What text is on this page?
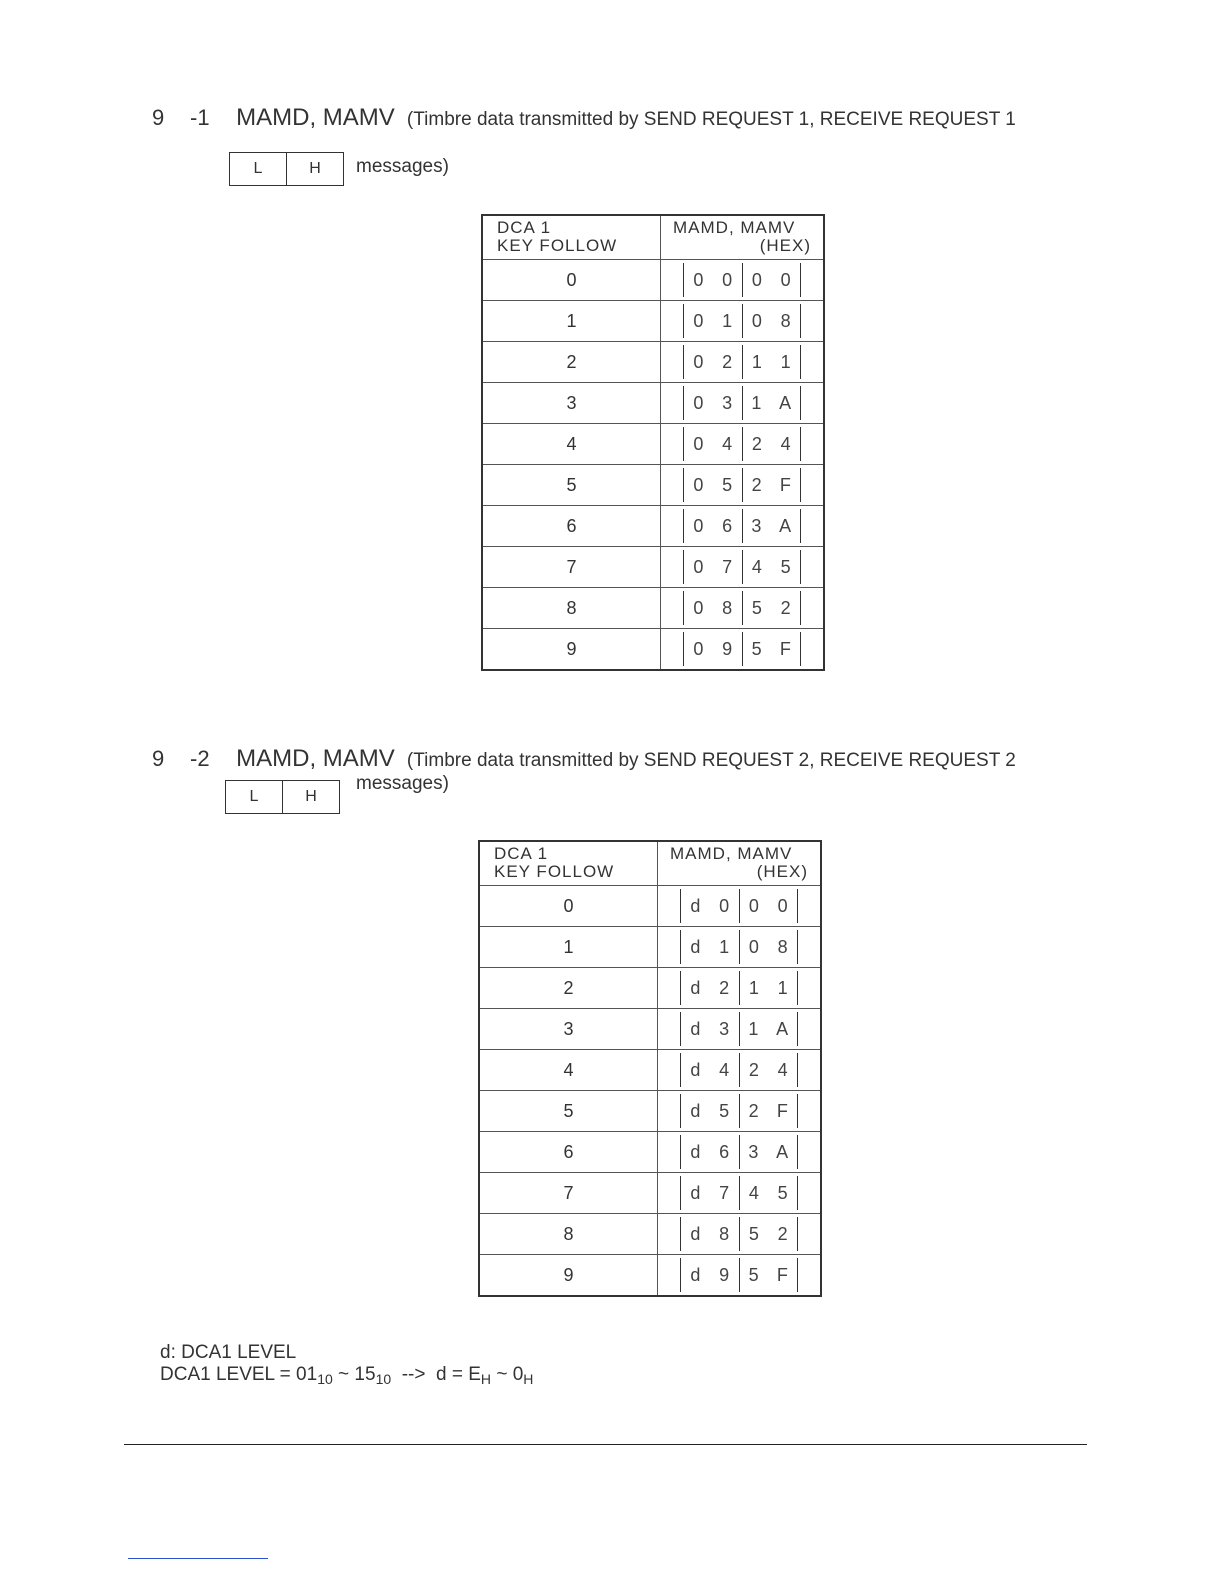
9 -1 MAMD, MAMV (Timbre data transmitted by SEND REQUEST 1, RECEIVE REQUEST 1
L	H	messages)
DCA 1
KEY FOLLOW	MAMD, MAMV
(HEX)

0	0 0 0 0

1	0 1 0 8

2	0 2 1 1

3	0 3 1 A

4	0 4 2 4

5	0 5 2 F

6	0 6 3 A

7	0 7 4 5

8	0 8 5 2

9	0 9 5 F
9 -2 MAMD, MAMV (Timbre data transmitted by SEND REQUEST 2, RECEIVE REQUEST 2
L	H
messages)
DCA 1
KEY FOLLOW	MAMD, MAMV
(HEX)

0	d 0 0 0

1	d 1 0 8

2	d 2 1 1

3	d 3 1 A

4	d 4 2 4

5	d 5 2 F

6	d 6 3 A

7	d 7 4 5

8	d 8 5 2

9	d 9 5 F
d: DCA1 LEVEL
DCA1 LEVEL = $01_{10}$ ~ $15_{10}$  -->  $d = E_H$ ~ $0_H$
